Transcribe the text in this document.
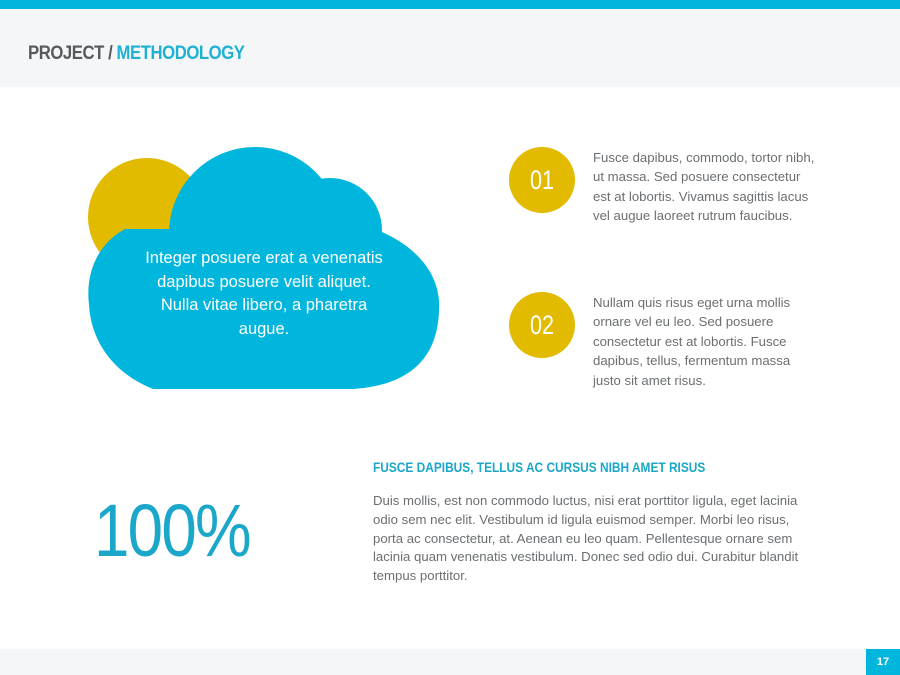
PROJECT / METHODOLOGY
Integer posuere erat a venenatis dapibus posuere velit aliquet. Nulla vitae libero, a pharetra augue.
01

Fusce dapibus, commodo, tortor nibh, ut massa. Sed posuere consectetur est at lobortis. Vivamus sagittis lacus vel augue laoreet rutrum faucibus.

02

Nullam quis risus eget urna mollis ornare vel eu leo. Sed posuere consectetur est at lobortis. Fusce dapibus, tellus, fermentum massa justo sit amet risus.

100%
FUSCE DAPIBUS, TELLUS AC CURSUS NIBH AMET RISUS

Duis mollis, est non commodo luctus, nisi erat porttitor ligula, eget lacinia odio sem nec elit. Vestibulum id ligula euismod semper. Morbi leo risus, porta ac consectetur, at. Aenean eu leo quam. Pellentesque ornare sem lacinia quam venenatis vestibulum. Donec sed odio dui. Curabitur blandit tempus porttitor.

17
